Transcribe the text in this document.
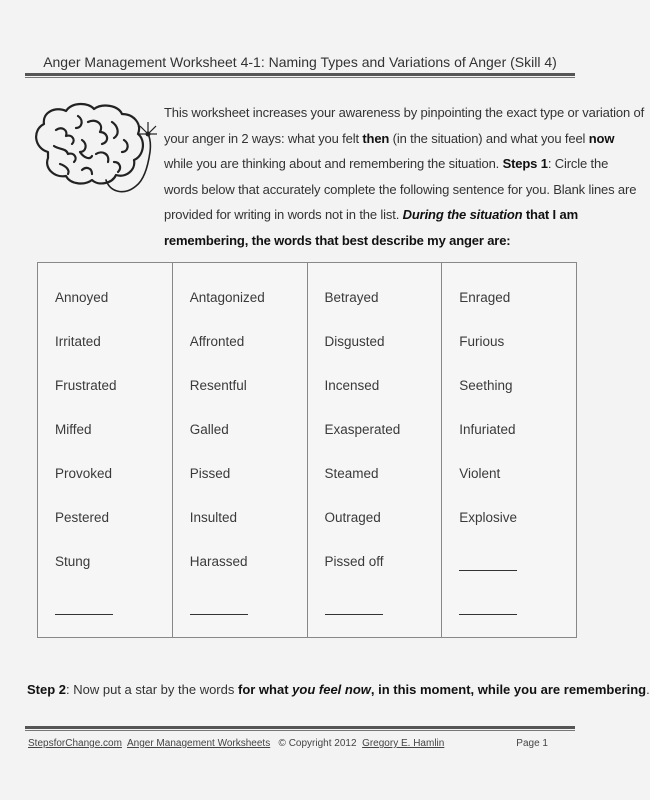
Anger Management Worksheet 4-1: Naming Types and Variations of Anger (Skill 4)

This worksheet increases your awareness by pinpointing the exact type or variation of

your anger in 2 ways: what you felt then (in the situation) and what you feel now

while you are thinking about and remembering the situation. Steps 1: Circle the

words below that accurately complete the following sentence for you. Blank lines are

provided for writing in words not in the list. During the situation that I am

remembering, the words that best describe my anger are:

Annoyed
Irritated
Frustrated
Miffed
Provoked
Pestered
Stung
Antagonized
Affronted
Resentful
Galled
Pissed
Insulted
Harassed
Betrayed
Disgusted
Incensed
Exasperated
Steamed
Outraged
Pissed off
Enraged
Furious
Seething
Infuriated
Violent
Explosive
Step 2: Now put a star by the words for what you feel now, in this moment, while you are remembering.
StepsforChange.com Anger Management Worksheets © Copyright 2012 Gregory E. Hamlin	Page 1
